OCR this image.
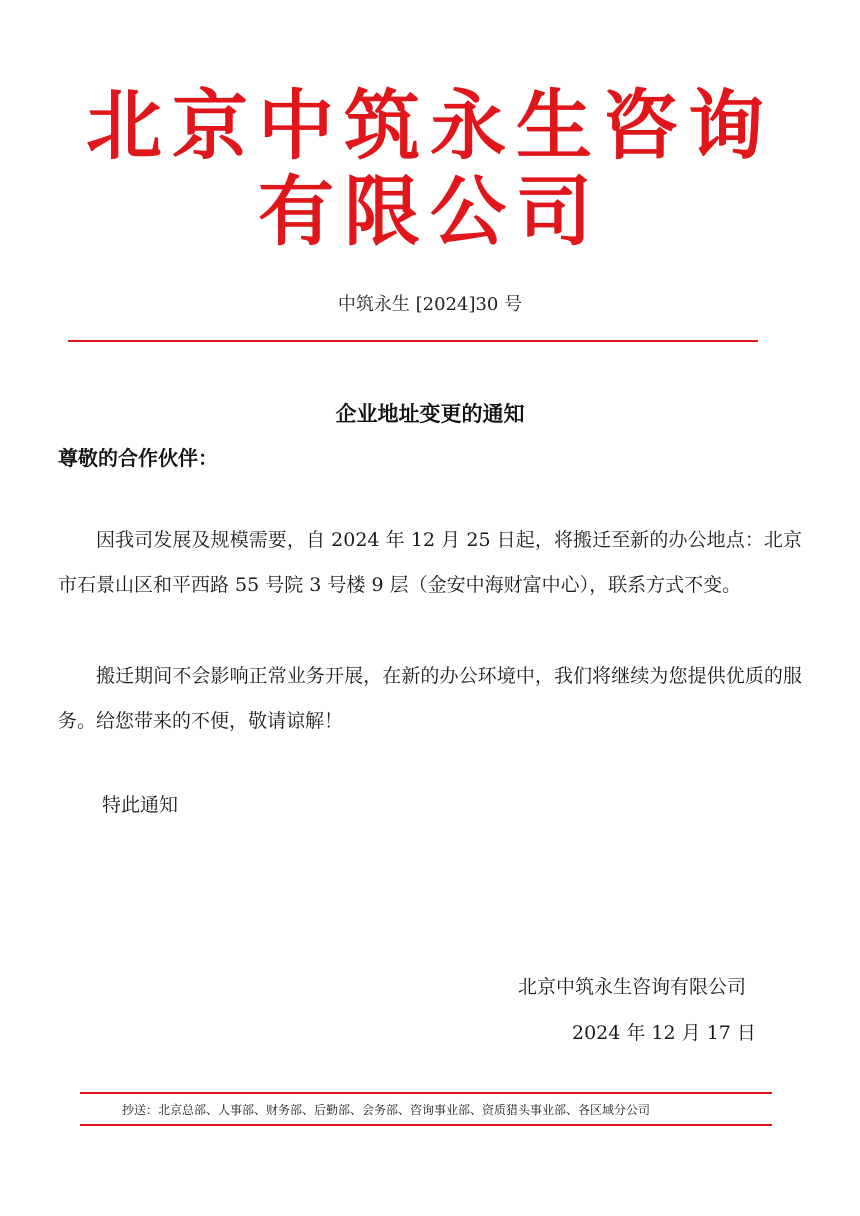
北京中筑永生咨询
有限公司
中筑永生 [2024]30 号
企业地址变更的通知
尊敬的合作伙伴：

因我司发展及规模需要，自 2024 年 12 月 25 日起，将搬迁至新的办公地点：北京市石景山区和平西路 55 号院 3 号楼 9 层（金安中海财富中心），联系方式不变。

搬迁期间不会影响正常业务开展，在新的办公环境中，我们将继续为您提供优质的服务。给您带来的不便，敬请谅解！

特此通知
北京中筑永生咨询有限公司
2024 年 12 月 17 日
抄送：北京总部、人事部、财务部、后勤部、会务部、咨询事业部、资质猎头事业部、各区域分公司
